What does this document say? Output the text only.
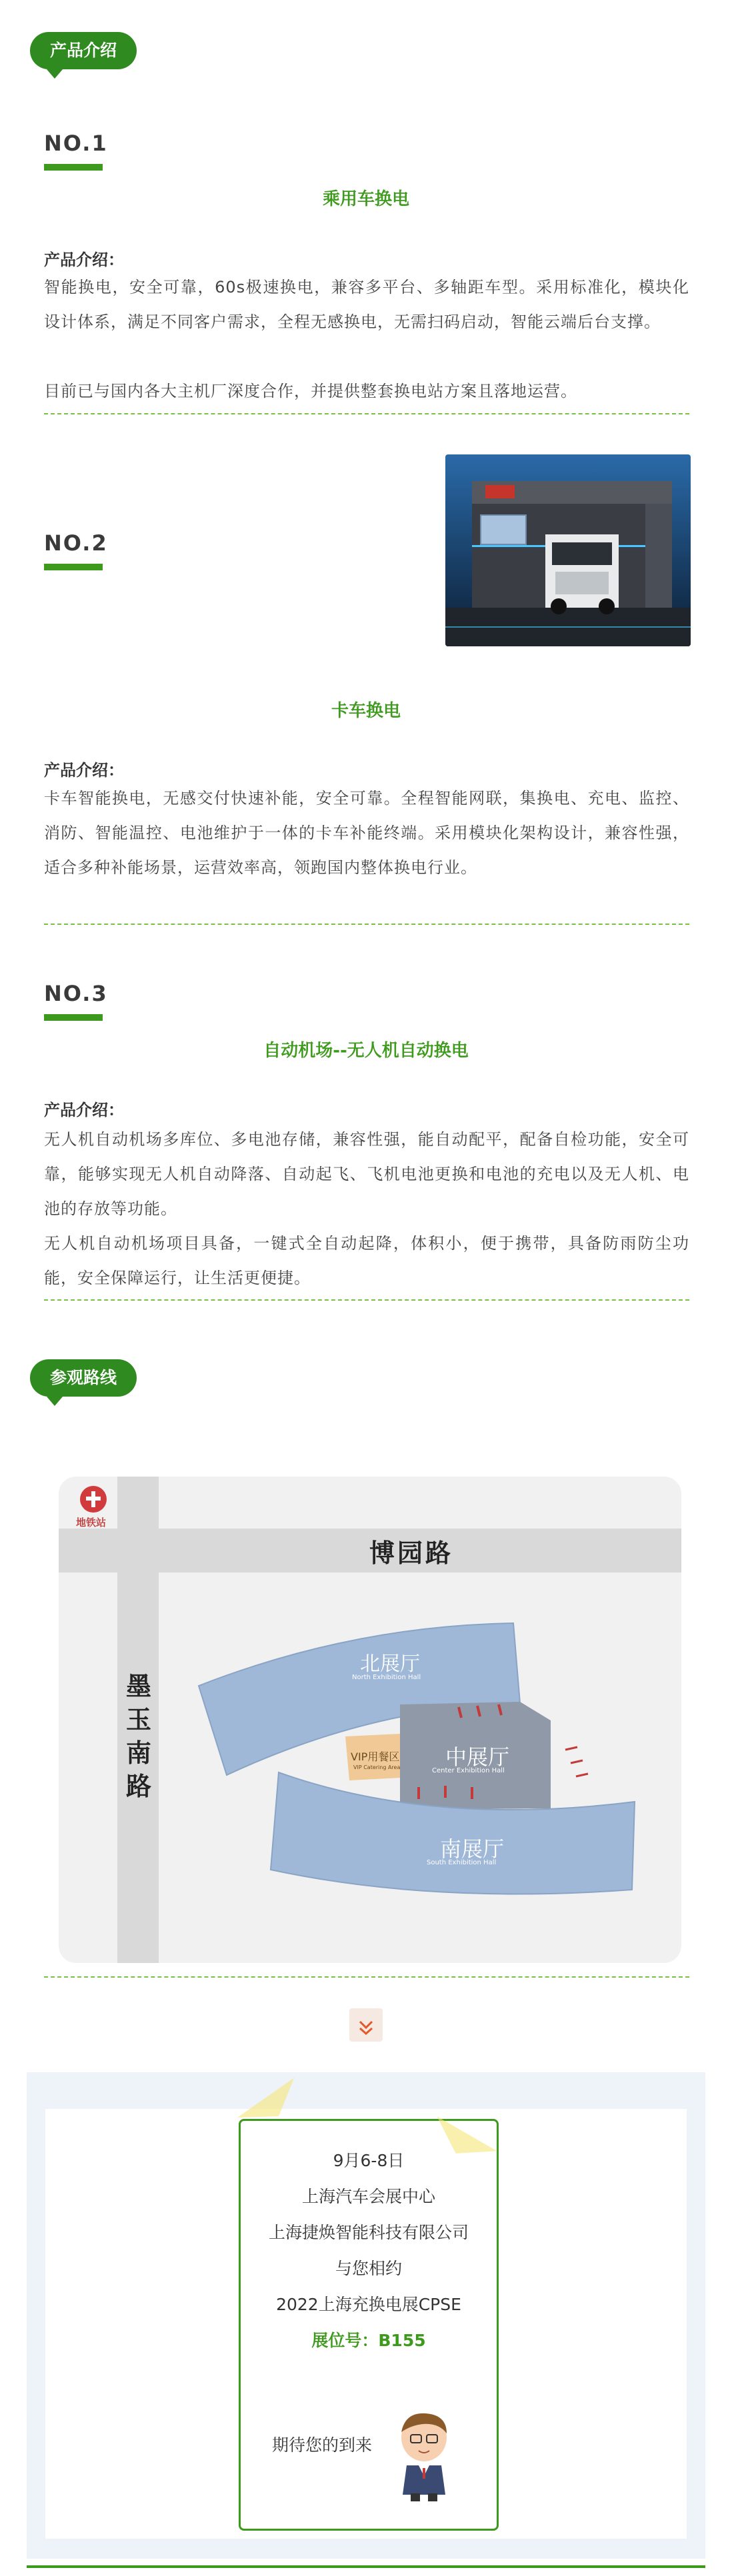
产品介绍
NO.1
乘用车换电
产品介绍：
智能换电，安全可靠，60s极速换电，兼容多平台、多轴距车型。采用标准化，模块化设计体系，满足不同客户需求，全程无感换电，无需扫码启动，智能云端后台支撑。
目前已与国内各大主机厂深度合作，并提供整套换电站方案且落地运营。
NO.2
卡车换电
产品介绍：
卡车智能换电，无感交付快速补能，安全可靠。全程智能网联，集换电、充电、监控、消防、智能温控、电池维护于一体的卡车补能终端。采用模块化架构设计，兼容性强，适合多种补能场景，运营效率高，领跑国内整体换电行业。
NO.3
自动机场--无人机自动换电
产品介绍：
无人机自动机场多库位、多电池存储，兼容性强，能自动配平，配备自检功能，安全可靠，能够实现无人机自动降落、自动起飞、飞机电池更换和电池的充电以及无人机、电池的存放等功能。
无人机自动机场项目具备，一键式全自动起降，体积小，便于携带，具备防雨防尘功能，安全保障运行，让生活更便捷。
参观路线
地铁站
博园路
墨玉南路
北展厅
North Exhibition Hall
中展厅
Center Exhibition Hall
VIP用餐区
VIP Catering Area
南展厅
South Exhibition Hall
9月6-8日
上海汽车会展中心
上海捷焕智能科技有限公司
与您相约
2022上海充换电展CPSE
展位号：B155
期待您的到来
